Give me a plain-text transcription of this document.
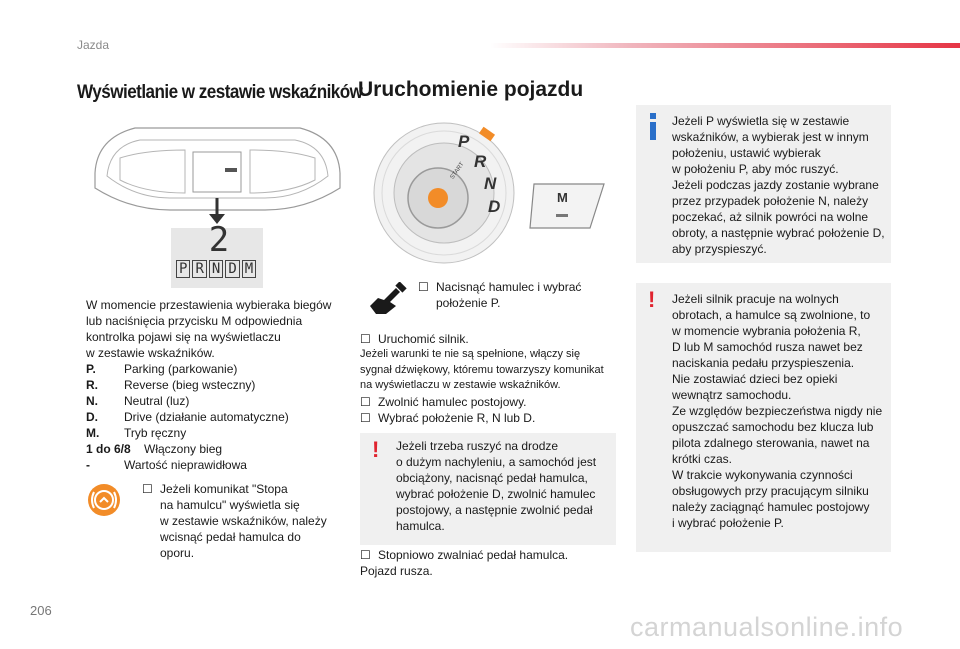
Jazda
Wyświetlanie w zestawie wskaźników
2
P R N D M
W momencie przestawienia wybieraka biegów
lub naciśnięcia przycisku M odpowiednia
kontrolka pojawi się na wyświetlaczu
w zestawie wskaźników.
P. Parking (parkowanie)
R. Reverse (bieg wsteczny)
N. Neutral (luz)
D. Drive (działanie automatyczne)
M. Tryb ręczny
1 do 6/8 Włączony bieg
-	Wartość nieprawidłowa
☐ Jeżeli komunikat "Stopa
na hamulcu" wyświetla się
w zestawie wskaźników, należy
wcisnąć pedał hamulca do
oporu.
Uruchomienie pojazdu
P
R
N
D
START
M
☐ Nacisnąć hamulec i wybrać
położenie P.
☐ Uruchomić silnik.
Jeżeli warunki te nie są spełnione, włączy się
sygnał dźwiękowy, któremu towarzyszy komunikat
na wyświetlaczu w zestawie wskaźników.
☐ Zwolnić hamulec postojowy.
☐ Wybrać położenie R, N lub D.
! Jeżeli trzeba ruszyć na drodze
o dużym nachyleniu, a samochód jest
obciążony, nacisnąć pedał hamulca,
wybrać położenie D, zwolnić hamulec
postojowy, a następnie zwolnić pedał
hamulca.
☐ Stopniowo zwalniać pedał hamulca.
Pojazd rusza.
Jeżeli P wyświetla się w zestawie
wskaźników, a wybierak jest w innym
położeniu, ustawić wybierak
w położeniu P, aby móc ruszyć.
Jeżeli podczas jazdy zostanie wybrane
przez przypadek położenie N, należy
poczekać, aż silnik powróci na wolne
obroty, a następnie wybrać położenie D,
aby przyspieszyć.
! Jeżeli silnik pracuje na wolnych
obrotach, a hamulce są zwolnione, to
w momencie wybrania położenia R,
D lub M samochód rusza nawet bez
naciskania pedału przyspieszenia.
Nie zostawiać dzieci bez opieki
wewnątrz samochodu.
Ze względów bezpieczeństwa nigdy nie
opuszczać samochodu bez klucza lub
pilota zdalnego sterowania, nawet na
krótki czas.
W trakcie wykonywania czynności
obsługowych przy pracującym silniku
należy zaciągnąć hamulec postojowy
i wybrać położenie P.
206
carmanualsonline.info
